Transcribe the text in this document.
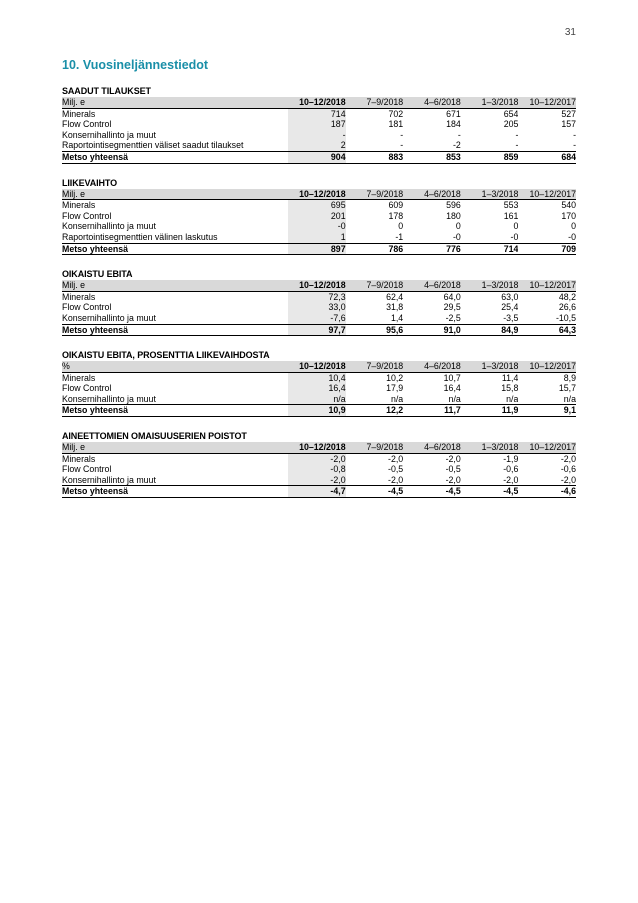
31
10. Vuosineljännestiedot
SAADUT TILAUKSET
Milj. e	10–12/2018	7–9/2018	4–6/2018	1–3/2018	10–12/2017
Minerals	714	702	671	654	527
Flow Control	187	181	184	205	157
Konsernihallinto ja muut	-	-	-	-	-
Raportointisegmenttien väliset saadut tilaukset	2	-	-2	-	-
Metso yhteensä	904	883	853	859	684
LIIKEVAIHTO
Milj. e	10–12/2018	7–9/2018	4–6/2018	1–3/2018	10–12/2017
Minerals	695	609	596	553	540
Flow Control	201	178	180	161	170
Konsernihallinto ja muut	-0	0	0	0	0
Raportointisegmenttien välinen laskutus	1	-1	-0	-0	-0
Metso yhteensä	897	786	776	714	709
OIKAISTU EBITA
Milj. e	10–12/2018	7–9/2018	4–6/2018	1–3/2018	10–12/2017
Minerals	72,3	62,4	64,0	63,0	48,2
Flow Control	33,0	31,8	29,5	25,4	26,6
Konsernihallinto ja muut	-7,6	1,4	-2,5	-3,5	-10,5
Metso yhteensä	97,7	95,6	91,0	84,9	64,3
OIKAISTU EBITA, PROSENTTIA LIIKEVAIHDOSTA
%	10–12/2018	7–9/2018	4–6/2018	1–3/2018	10–12/2017
Minerals	10,4	10,2	10,7	11,4	8,9
Flow Control	16,4	17,9	16,4	15,8	15,7
Konsernihallinto ja muut	n/a	n/a	n/a	n/a	n/a
Metso yhteensä	10,9	12,2	11,7	11,9	9,1
AINEETTOMIEN OMAISUUSERIEN POISTOT
Milj. e	10–12/2018	7–9/2018	4–6/2018	1–3/2018	10–12/2017
Minerals	-2,0	-2,0	-2,0	-1,9	-2,0
Flow Control	-0,8	-0,5	-0,5	-0,6	-0,6
Konsernihallinto ja muut	-2,0	-2,0	-2,0	-2,0	-2,0
Metso yhteensä	-4,7	-4,5	-4,5	-4,5	-4,6
